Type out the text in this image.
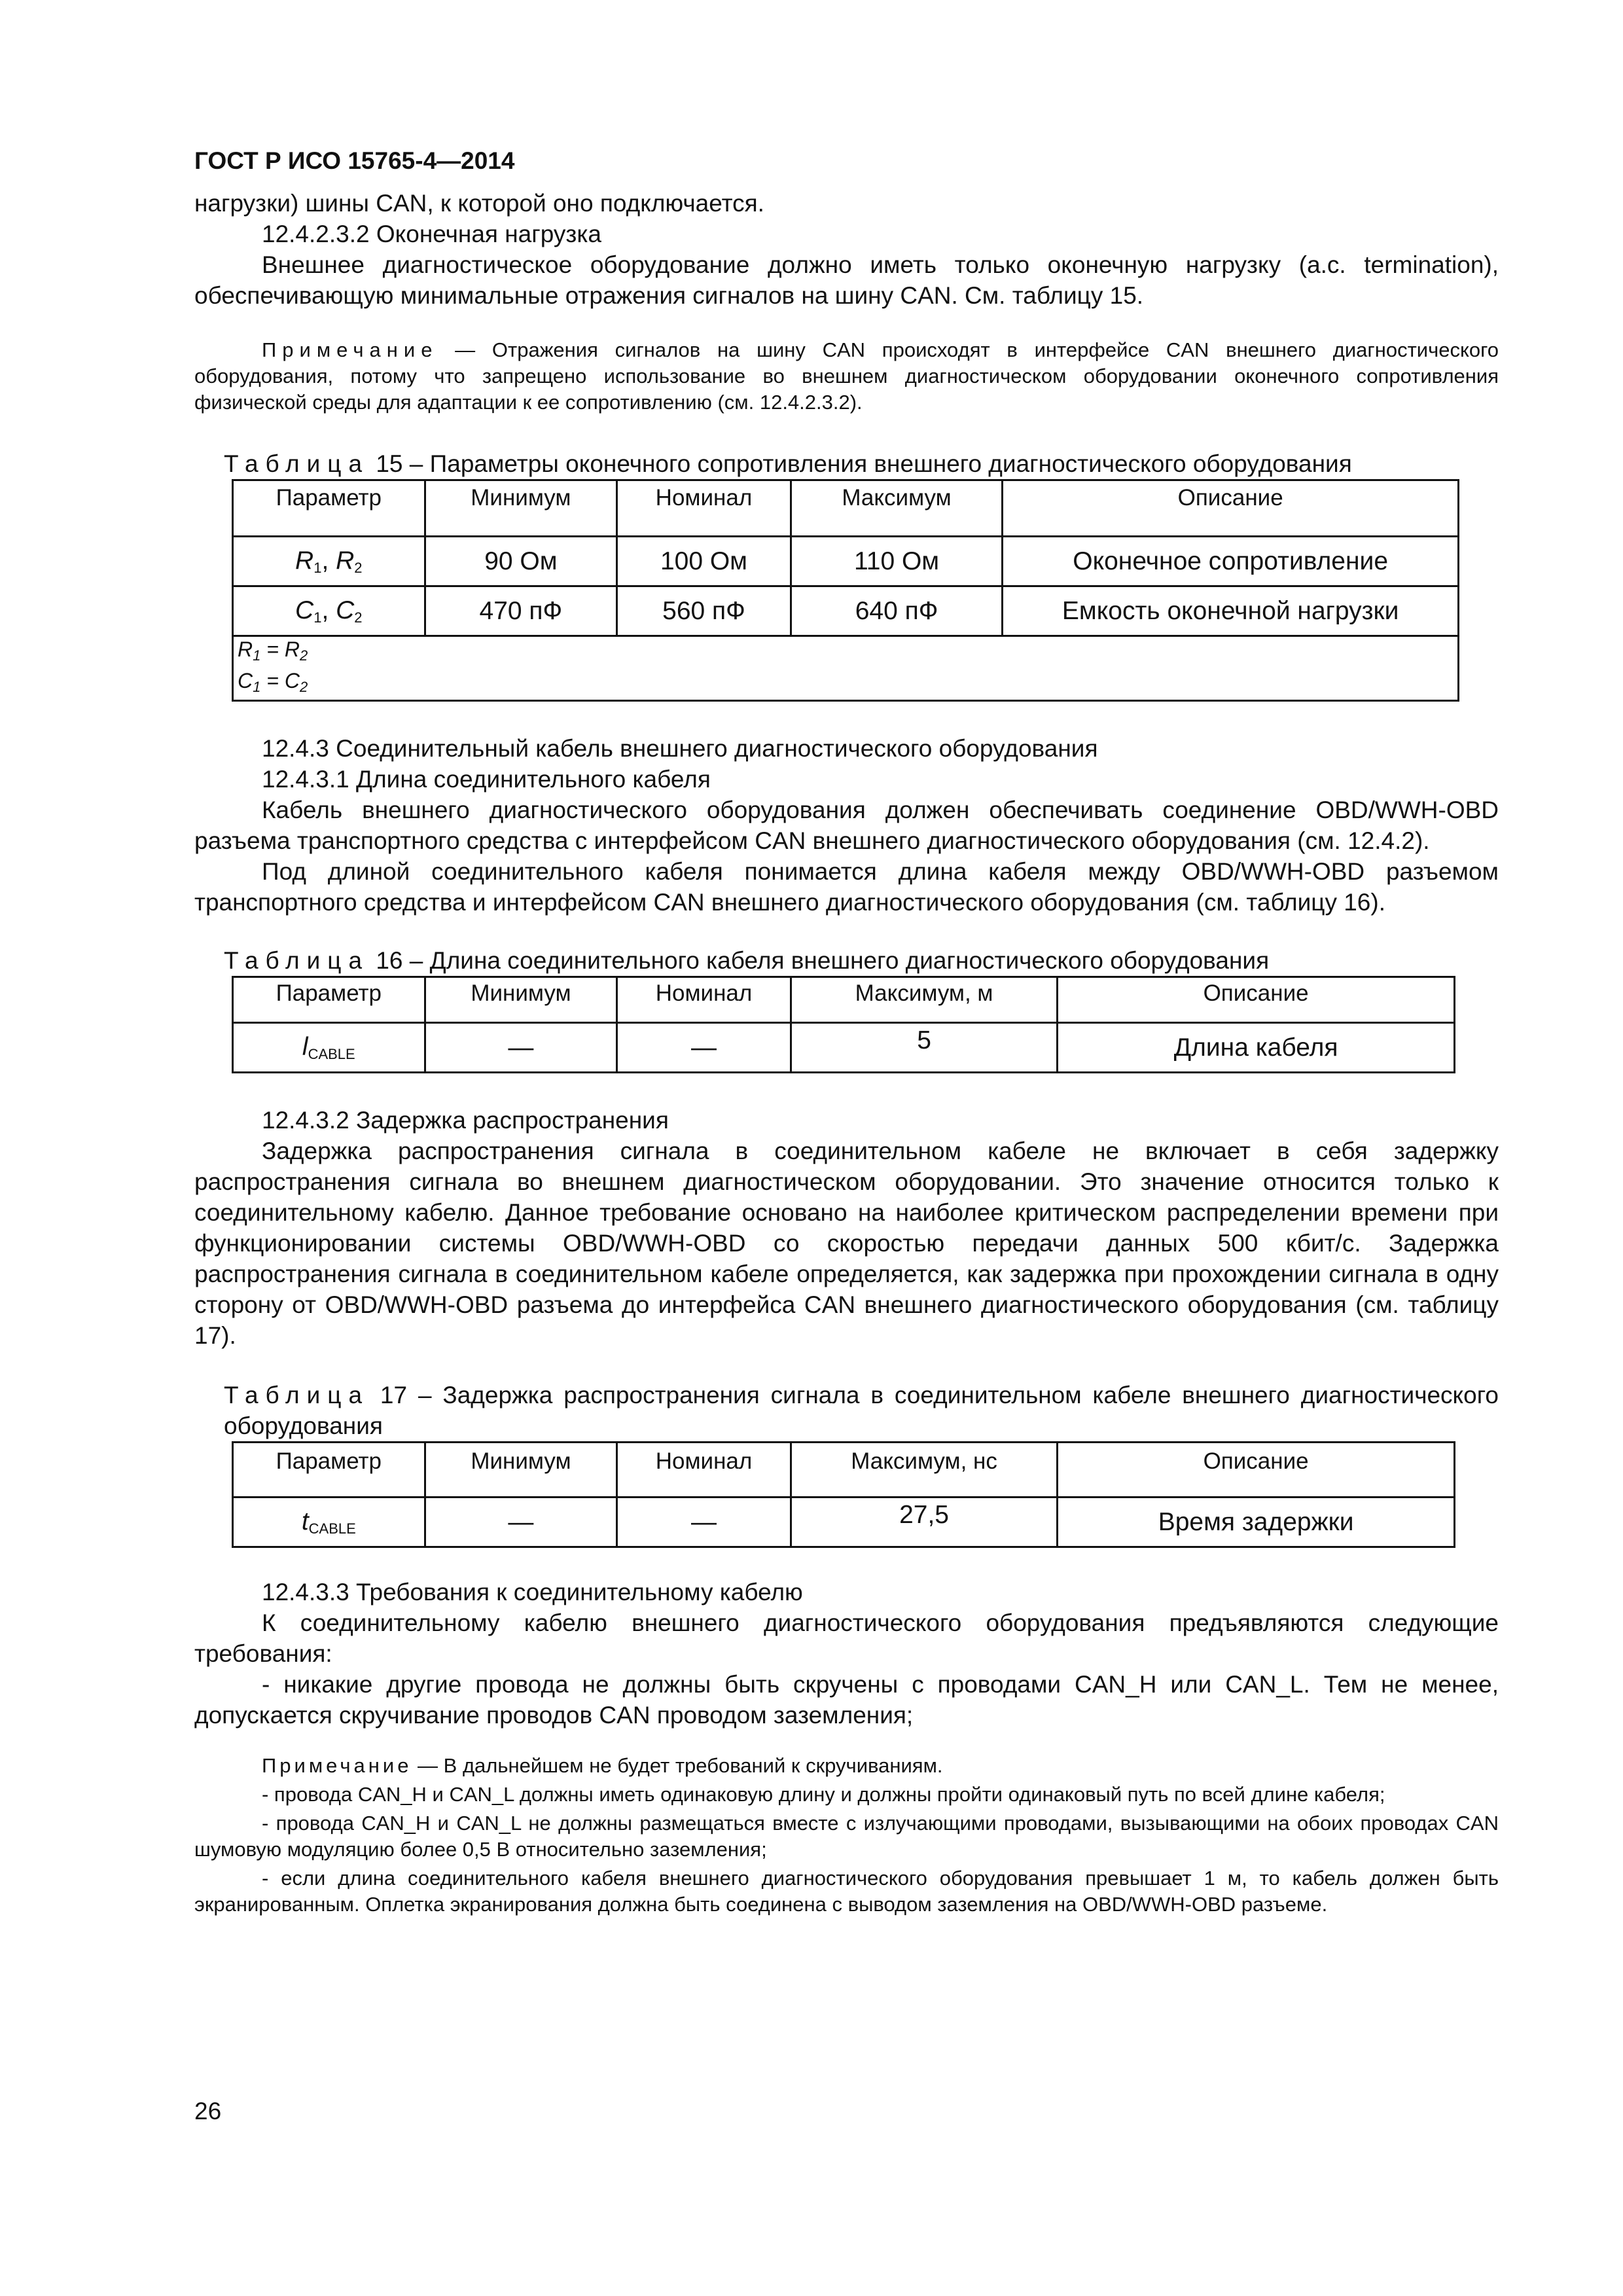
ГОСТ Р ИСО 15765-4—2014

нагрузки) шины CAN, к которой оно подключается.

12.4.2.3.2 Оконечная нагрузка

Внешнее диагностическое оборудование должно иметь только оконечную нагрузку (a.c. termination), обеспечивающую минимальные отражения сигналов на шину CAN. См. таблицу 15.

Примечание — Отражения сигналов на шину CAN происходят в интерфейсе CAN внешнего диагностического оборудования, потому что запрещено использование во внешнем диагностическом оборудовании оконечного сопротивления физической среды для адаптации к ее сопротивлению (см. 12.4.2.3.2).

Таблица 15 – Параметры оконечного сопротивления внешнего диагностического оборудования
Параметр	Минимум	Номинал	Максимум	Описание
$R_1$, $R_2$	90 Ом	100 Ом	110 Ом	Оконечное сопротивление
$C_1$, $C_2$	470 пФ	560 пФ	640 пФ	Емкость оконечной нагрузки

$R_1 = R_2$
$C_1 = C_2$

12.4.3 Соединительный кабель внешнего диагностического оборудования

12.4.3.1 Длина соединительного кабеля

Кабель внешнего диагностического оборудования должен обеспечивать соединение OBD/WWH-OBD разъема транспортного средства с интерфейсом CAN внешнего диагностического оборудования (см. 12.4.2).

Под длиной соединительного кабеля понимается длина кабеля между OBD/WWH-OBD разъемом транспортного средства и интерфейсом CAN внешнего диагностического оборудования (см. таблицу 16).

Таблица 16 – Длина соединительного кабеля внешнего диагностического оборудования
Параметр	Минимум	Номинал	Максимум, м	Описание
$l_{CABLE}$	—	—	5	Длина кабеля

12.4.3.2 Задержка распространения

Задержка распространения сигнала в соединительном кабеле не включает в себя задержку распространения сигнала во внешнем диагностическом оборудовании. Это значение относится только к соединительному кабелю. Данное требование основано на наиболее критическом распределении времени при функционировании системы OBD/WWH-OBD со скоростью передачи данных 500 кбит/с. Задержка распространения сигнала в соединительном кабеле определяется, как задержка при прохождении сигнала в одну сторону от OBD/WWH-OBD разъема до интерфейса CAN внешнего диагностического оборудования (см. таблицу 17).

Таблица 17 – Задержка распространения сигнала в соединительном кабеле внешнего диагностического оборудования
Параметр	Минимум	Номинал	Максимум, нс	Описание
$t_{CABLE}$	—	—	27,5	Время задержки

12.4.3.3 Требования к соединительному кабелю

К соединительному кабелю внешнего диагностического оборудования предъявляются следующие требования:

- никакие другие провода не должны быть скручены с проводами CAN_H или CAN_L. Тем не менее, допускается скручивание проводов CAN проводом заземления;

Примечание — В дальнейшем не будет требований к скручиваниям.

- провода CAN_H и CAN_L должны иметь одинаковую длину и должны пройти одинаковый путь по всей длине кабеля;

- провода CAN_H и CAN_L не должны размещаться вместе с излучающими проводами, вызывающими на обоих проводах CAN шумовую модуляцию более 0,5 В относительно заземления;

- если длина соединительного кабеля внешнего диагностического оборудования превышает 1 м, то кабель должен быть экранированным. Оплетка экранирования должна быть соединена с выводом заземления на OBD/WWH-OBD разъеме.

26
